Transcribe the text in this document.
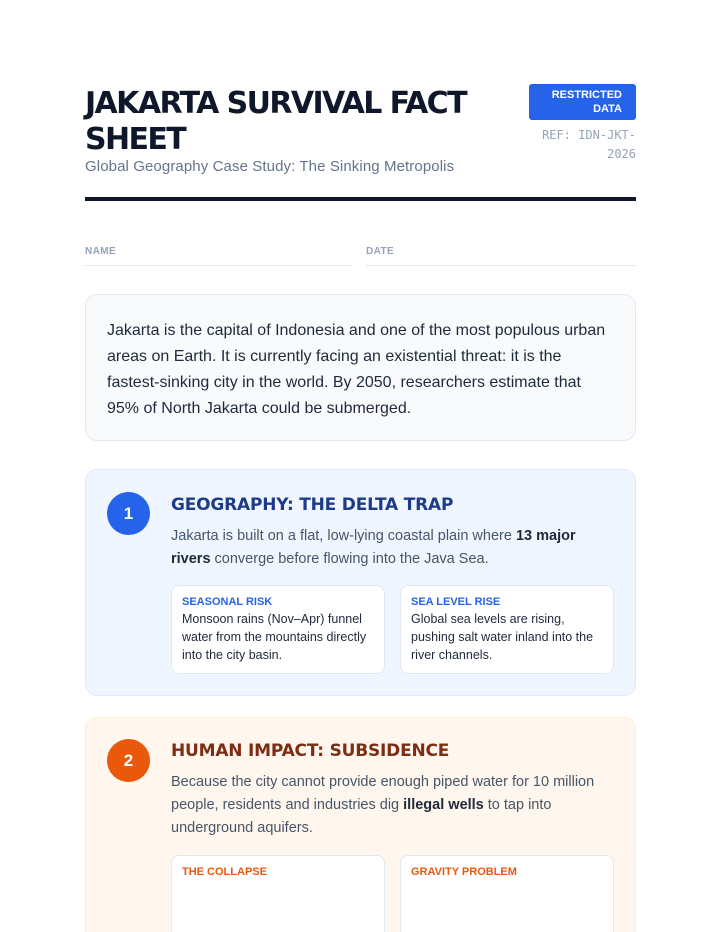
JAKARTA SURVIVAL FACT SHEET
Global Geography Case Study: The Sinking Metropolis
RESTRICTED DATA
REF: IDN-JKT-2026
NAME	DATE

Jakarta is the capital of Indonesia and one of the most populous urban areas on Earth. It is currently facing an existential threat: it is the fastest-sinking city in the world. By 2050, researchers estimate that 95% of North Jakarta could be submerged.

1	GEOGRAPHY: THE DELTA TRAP

Jakarta is built on a flat, low-lying coastal plain where 13 major rivers converge before flowing into the Java Sea.

SEASONAL RISK
Monsoon rains (Nov–Apr) funnel water from the mountains directly into the city basin.
SEA LEVEL RISE
Global sea levels are rising, pushing salt water inland into the river channels.
2	HUMAN IMPACT: SUBSIDENCE

Because the city cannot provide enough piped water for 10 million people, residents and industries dig illegal wells to tap into underground aquifers.

THE COLLAPSE	GRAVITY PROBLEM
